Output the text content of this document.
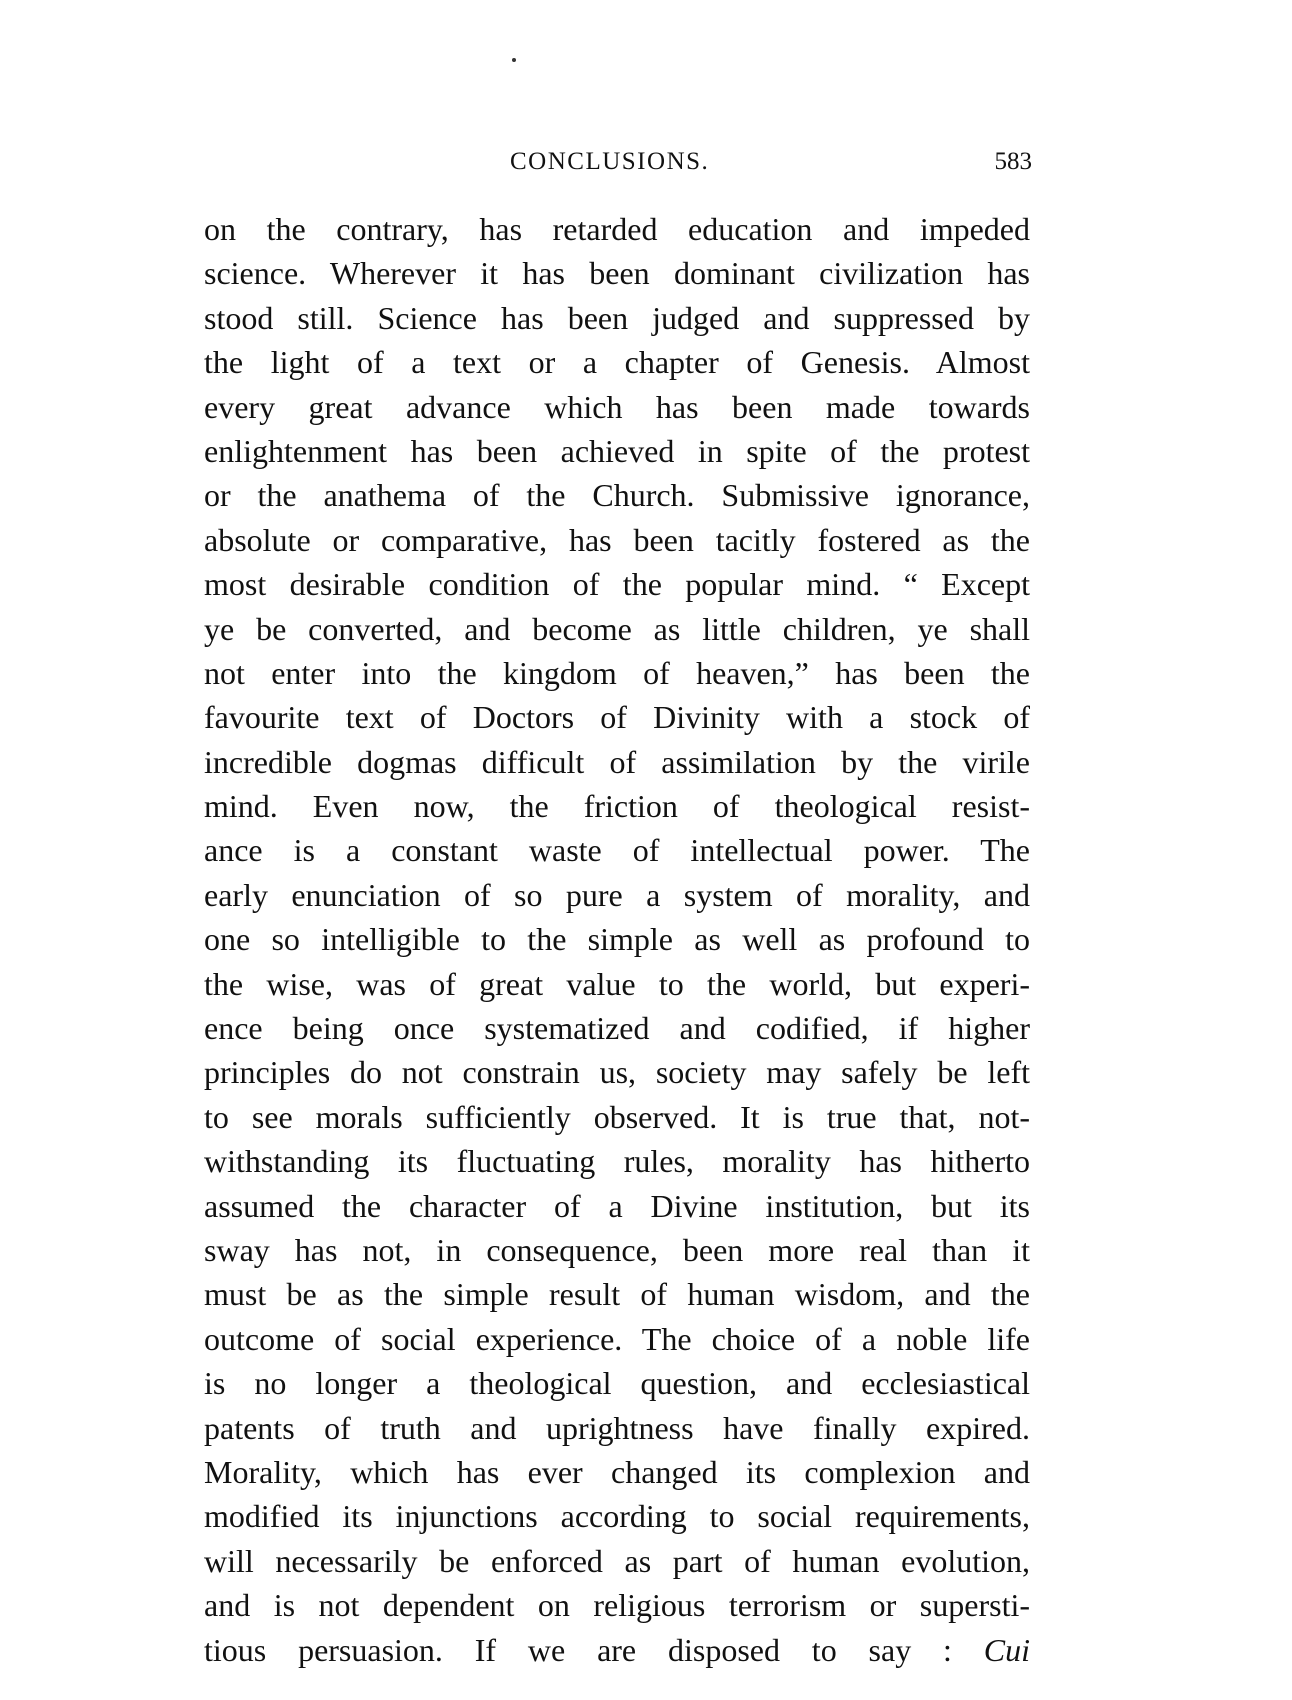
CONCLUSIONS.	583
on the contrary, has retarded education and impeded
science. Wherever it has been dominant civilization has
stood still. Science has been judged and suppressed by
the light of a text or a chapter of Genesis. Almost
every great advance which has been made towards
enlightenment has been achieved in spite of the protest
or the anathema of the Church. Submissive ignorance,
absolute or comparative, has been tacitly fostered as the
most desirable condition of the popular mind. “ Except
ye be converted, and become as little children, ye shall
not enter into the kingdom of heaven,” has been the
favourite text of Doctors of Divinity with a stock of
incredible dogmas difficult of assimilation by the virile
mind. Even now, the friction of theological resist-
ance is a constant waste of intellectual power. The
early enunciation of so pure a system of morality, and
one so intelligible to the simple as well as profound to
the wise, was of great value to the world, but experi-
ence being once systematized and codified, if higher
principles do not constrain us, society may safely be left
to see morals sufficiently observed. It is true that, not-
withstanding its fluctuating rules, morality has hitherto
assumed the character of a Divine institution, but its
sway has not, in consequence, been more real than it
must be as the simple result of human wisdom, and the
outcome of social experience. The choice of a noble life
is no longer a theological question, and ecclesiastical
patents of truth and uprightness have finally expired.
Morality, which has ever changed its complexion and
modified its injunctions according to social requirements,
will necessarily be enforced as part of human evolution,
and is not dependent on religious terrorism or supersti-
tious persuasion. If we are disposed to say : Cui
